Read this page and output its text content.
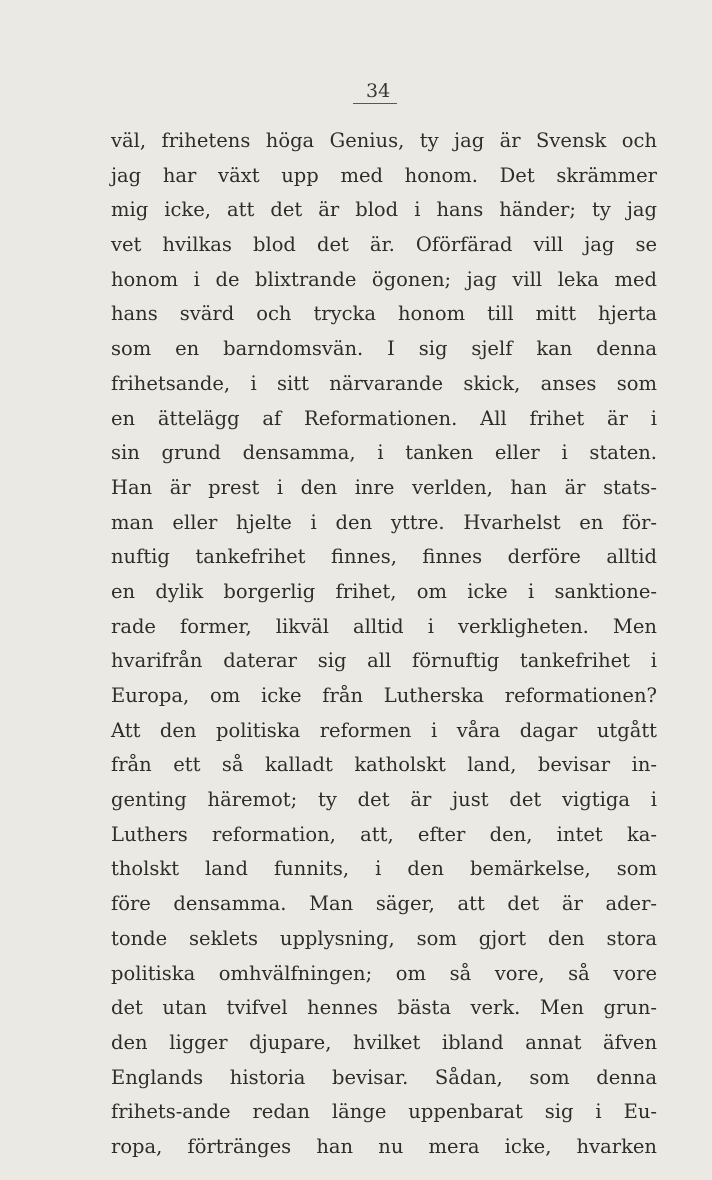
34
väl, frihetens höga Genius, ty jag är Svensk och
jag har växt upp med honom. Det skrämmer
mig icke, att det är blod i hans händer; ty jag
vet hvilkas blod det är. Oförfärad vill jag se
honom i de blixtrande ögonen; jag vill leka med
hans svärd och trycka honom till mitt hjerta
som en barndomsvän. I sig sjelf kan denna
frihetsande, i sitt närvarande skick, anses som
en ättelägg af Reformationen. All frihet är i
sin grund densamma, i tanken eller i staten.
Han är prest i den inre verlden, han är stats-
man eller hjelte i den yttre. Hvarhelst en för-
nuftig tankefrihet finnes, finnes derföre alltid
en dylik borgerlig frihet, om icke i sanktione-
rade former, likväl alltid i verkligheten. Men
hvarifrån daterar sig all förnuftig tankefrihet i
Europa, om icke från Lutherska reformationen?
Att den politiska reformen i våra dagar utgått
från ett så kalladt katholskt land, bevisar in-
genting häremot; ty det är just det vigtiga i
Luthers reformation, att, efter den, intet ka-
tholskt land funnits, i den bemärkelse, som
före densamma. Man säger, att det är ader-
tonde seklets upplysning, som gjort den stora
politiska omhvälfningen; om så vore, så vore
det utan tvifvel hennes bästa verk. Men grun-
den ligger djupare, hvilket ibland annat äfven
Englands historia bevisar. Sådan, som denna
frihets-ande redan länge uppenbarat sig i Eu-
ropa, förtränges han nu mera icke, hvarken
